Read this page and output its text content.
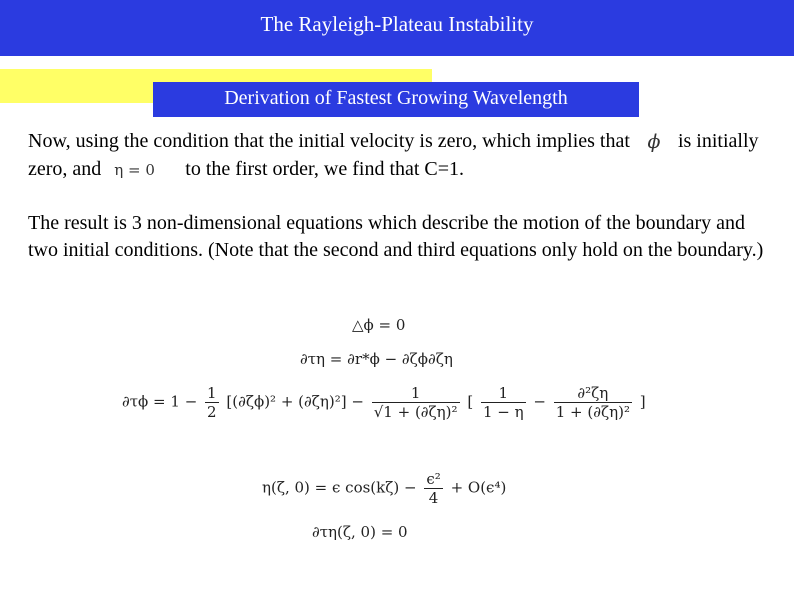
The Rayleigh-Plateau Instability
Derivation of Fastest Growing Wavelength
Now, using the condition that the initial velocity is zero, which implies that ϕ is initially zero, and η = 0 to the first order, we find that C=1.
The result is 3 non-dimensional equations which describe the motion of the boundary and two initial conditions. (Note that the second and third equations only hold on the boundary.)
△ϕ = 0
∂τη = ∂r*ϕ − ∂ζϕ∂ζη
$\partial\tau\phi = 1 - \frac{1}{2} [(\partial\zeta\phi)^2 + (\partial\zeta\eta)^2] - \frac{1}{\text{√1 + (∂ζη)²}}$ [ $\frac{1}{1 - \eta} - \frac{\text{∂²ζη}}{\text{1 + (∂ζη)²}}$ ]
η(ζ, 0) = ϵ $\cos(k\zeta) - \frac{\text{ϵ²}}{4} + O(\epsilon^4)$
∂τη(ζ, 0) = 0
